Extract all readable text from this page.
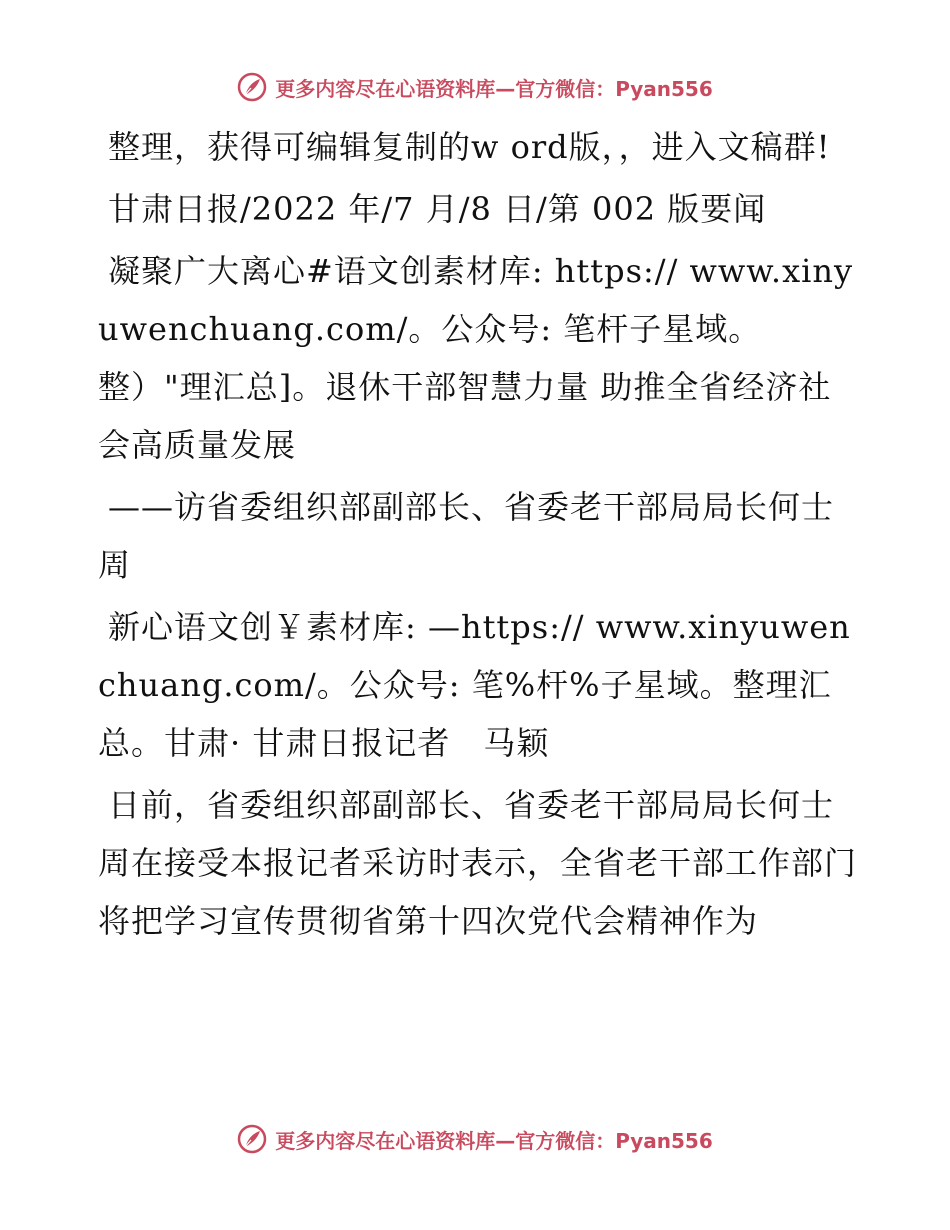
更多内容尽在心语资料库—官方微信：Pyan556

整理，获得可编辑复制的w ord版，，进入文稿群!

甘肃日报/2022 年/7 月/8 日/第 002 版要闻

凝聚广大离心#语文创素材库: https:// www.xinyuwenchuang.com/。公众号: 笔杆子星域。整）"理汇总]。退休干部智慧力量 助推全省经济社会高质量发展

——访省委组织部副部长、省委老干部局局长何士周

新心语文创￥素材库: —https:// www.xinyuwenchuang.com/。公众号: 笔%杆%子星域。整理汇总。甘肃· 甘肃日报记者　马颖

日前，省委组织部副部长、省委老干部局局长何士周在接受本报记者采访时表示，全省老干部工作部门将把学习宣传贯彻省第十四次党代会精神作为

更多内容尽在心语资料库—官方微信：Pyan556
